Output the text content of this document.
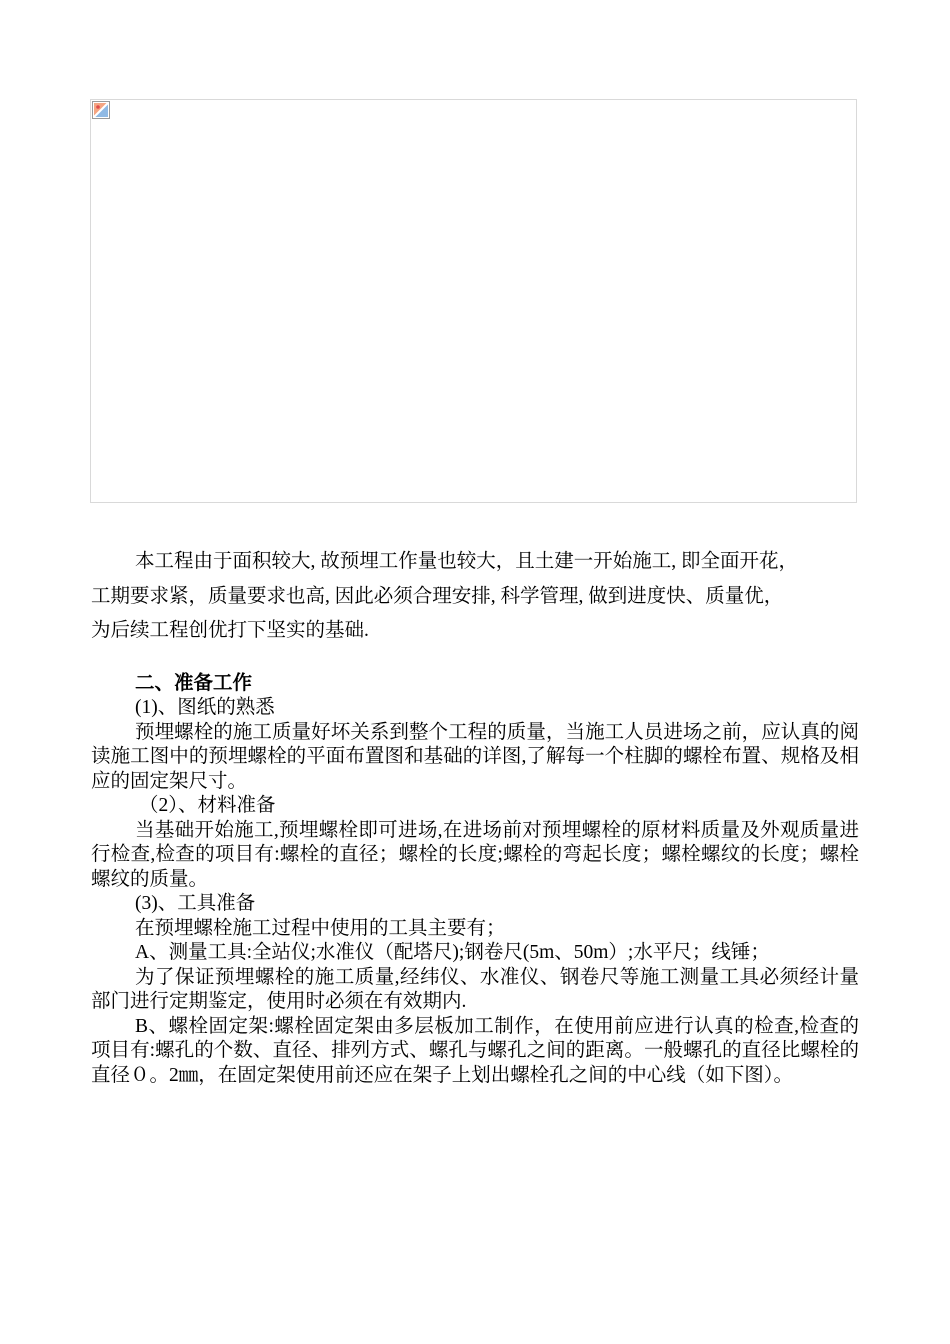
本工程由于面积较大, 故预埋工作量也较大，且土建一开始施工, 即全面开花，

工期要求紧，质量要求也高, 因此必须合理安排, 科学管理, 做到进度快、质量优，

为后续工程创优打下坚实的基础.

二、准备工作

(1)、图纸的熟悉

预埋螺栓的施工质量好坏关系到整个工程的质量，当施工人员进场之前，应认真的阅读施工图中的预埋螺栓的平面布置图和基础的详图,了解每一个柱脚的螺栓布置、规格及相应的固定架尺寸。

（2）、材料准备

当基础开始施工,预埋螺栓即可进场,在进场前对预埋螺栓的原材料质量及外观质量进行检查,检查的项目有:螺栓的直径；螺栓的长度;螺栓的弯起长度；螺栓螺纹的长度；螺栓螺纹的质量。

(3)、工具准备

在预埋螺栓施工过程中使用的工具主要有；

A、测量工具:全站仪;水准仪（配塔尺);钢卷尺(5m、50m）;水平尺；线锤；

为了保证预埋螺栓的施工质量,经纬仪、水准仪、钢卷尺等施工测量工具必须经计量部门进行定期鉴定，使用时必须在有效期内.

B、螺栓固定架:螺栓固定架由多层板加工制作，在使用前应进行认真的检查,检查的项目有:螺孔的个数、直径、排列方式、螺孔与螺孔之间的距离。一般螺孔的直径比螺栓的直径０。2㎜，在固定架使用前还应在架子上划出螺栓孔之间的中心线（如下图）。
